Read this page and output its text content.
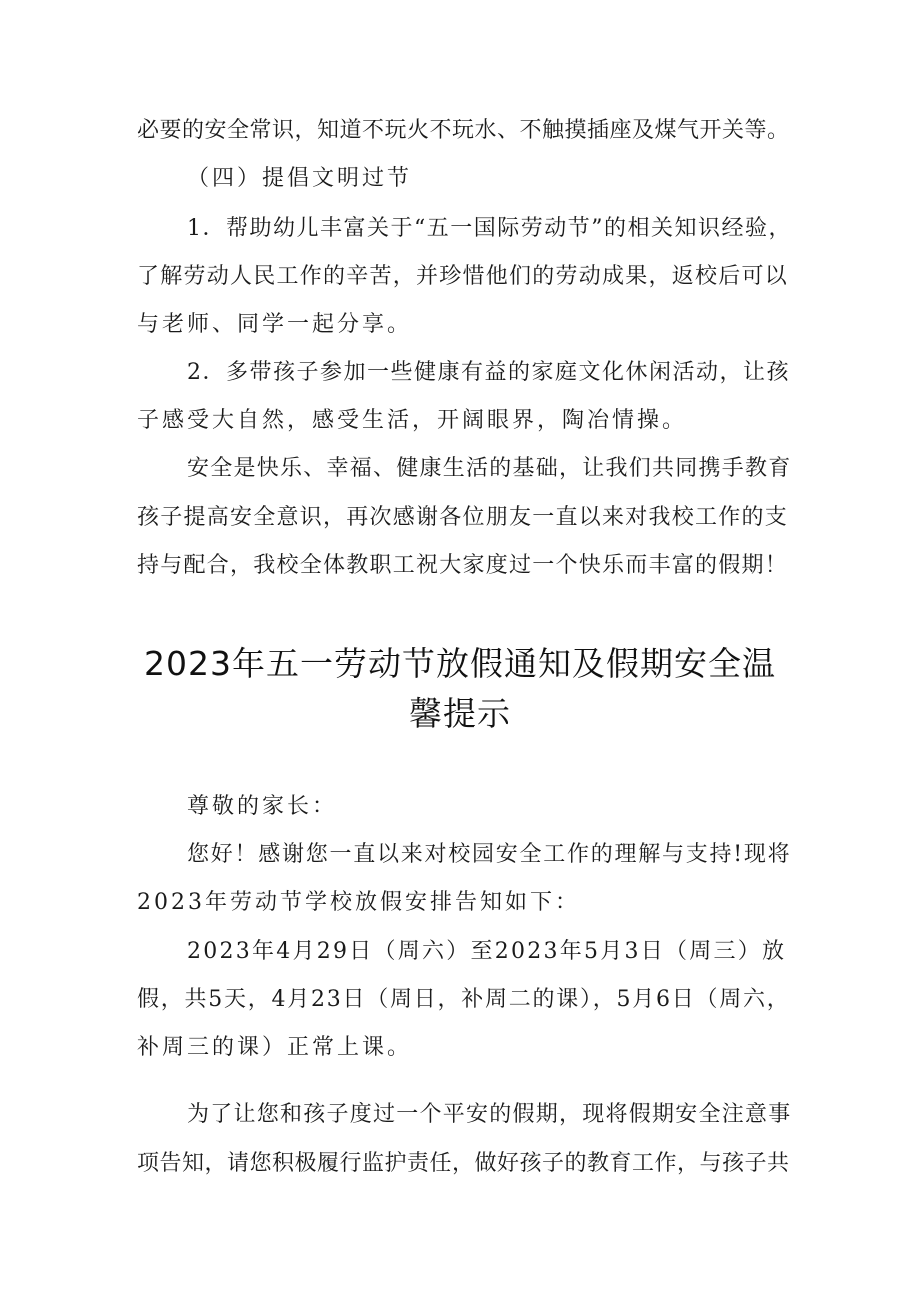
必要的安全常识，知道不玩火不玩水、不触摸插座及煤气开关等。
（四）提倡文明过节
1．帮助幼儿丰富关于“五一国际劳动节”的相关知识经验，
了解劳动人民工作的辛苦，并珍惜他们的劳动成果，返校后可以
与老师、同学一起分享。
2．多带孩子参加一些健康有益的家庭文化休闲活动，让孩
子感受大自然，感受生活，开阔眼界，陶冶情操。
安全是快乐、幸福、健康生活的基础，让我们共同携手教育
孩子提高安全意识，再次感谢各位朋友一直以来对我校工作的支
持与配合，我校全体教职工祝大家度过一个快乐而丰富的假期！
2023年五一劳动节放假通知及假期安全温
馨提示
尊敬的家长：
您好！感谢您一直以来对校园安全工作的理解与支持!现将
2023年劳动节学校放假安排告知如下：
2023年4月29日（周六）至2023年5月3日（周三）放
假，共5天，4月23日（周日，补周二的课），5月6日（周六，
补周三的课）正常上课。
为了让您和孩子度过一个平安的假期，现将假期安全注意事
项告知，请您积极履行监护责任，做好孩子的教育工作，与孩子共
